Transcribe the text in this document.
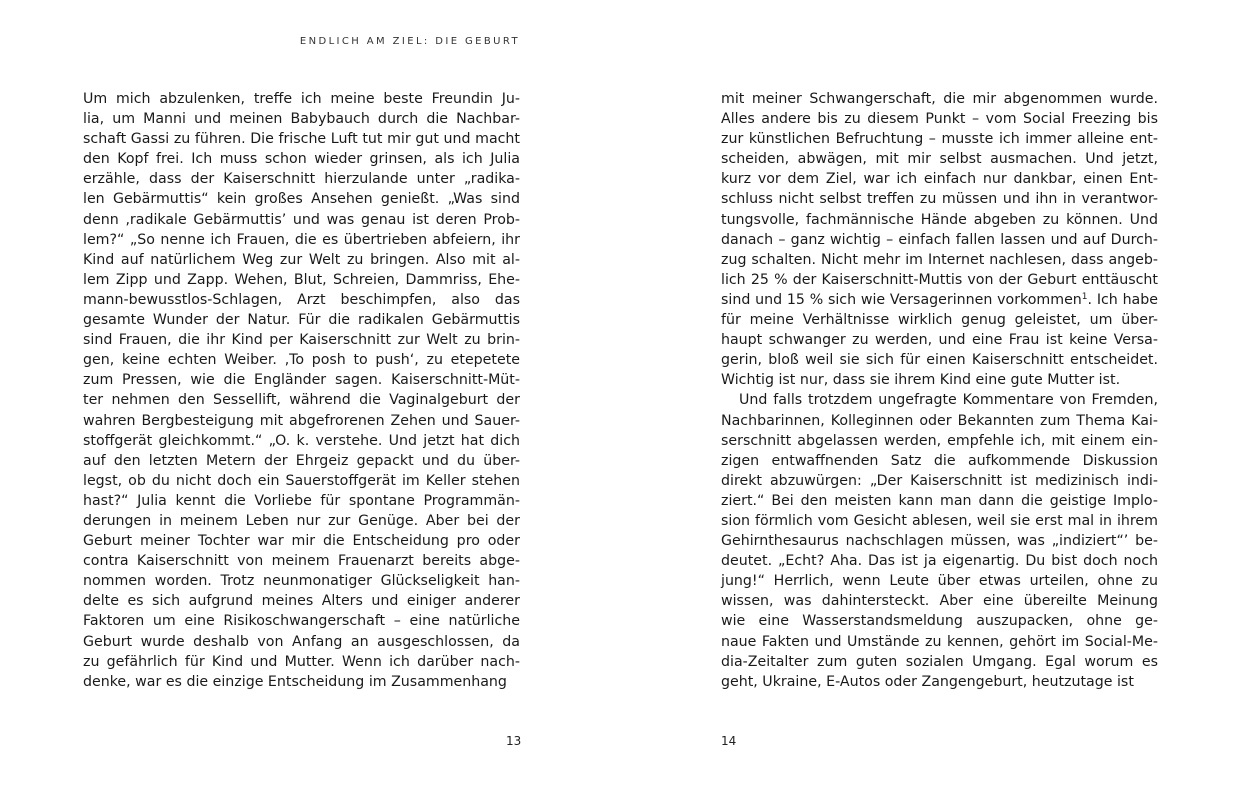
ENDLICH AM ZIEL: DIE GEBURT
Um mich abzulenken, treffe ich meine beste Freundin Ju-
lia, um Manni und meinen Babybauch durch die Nachbar-
schaft Gassi zu führen. Die frische Luft tut mir gut und macht
den Kopf frei. Ich muss schon wieder grinsen, als ich Julia
erzähle, dass der Kaiserschnitt hierzulande unter „radika-
len Gebärmuttis“ kein großes Ansehen genießt. „Was sind
denn ‚radikale Gebärmuttis’ und was genau ist deren Prob-
lem?“ „So nenne ich Frauen, die es übertrieben abfeiern, ihr
Kind auf natürlichem Weg zur Welt zu bringen. Also mit al-
lem Zipp und Zapp. Wehen, Blut, Schreien, Dammriss, Ehe-
mann-bewusstlos-Schlagen, Arzt beschimpfen, also das
gesamte Wunder der Natur. Für die radikalen Gebärmuttis
sind Frauen, die ihr Kind per Kaiserschnitt zur Welt zu brin-
gen, keine echten Weiber. ‚To posh to push‘, zu etepetete
zum Pressen, wie die Engländer sagen. Kaiserschnitt-Müt-
ter nehmen den Sessellift, während die Vaginalgeburt der
wahren Bergbesteigung mit abgefrorenen Zehen und Sauer-
stoffgerät gleichkommt.“ „O. k. verstehe. Und jetzt hat dich
auf den letzten Metern der Ehrgeiz gepackt und du über-
legst, ob du nicht doch ein Sauerstoffgerät im Keller stehen
hast?“ Julia kennt die Vorliebe für spontane Programmän-
derungen in meinem Leben nur zur Genüge. Aber bei der
Geburt meiner Tochter war mir die Entscheidung pro oder
contra Kaiserschnitt von meinem Frauenarzt bereits abge-
nommen worden. Trotz neunmonatiger Glückseligkeit han-
delte es sich aufgrund meines Alters und einiger anderer
Faktoren um eine Risikoschwangerschaft – eine natürliche
Geburt wurde deshalb von Anfang an ausgeschlossen, da
zu gefährlich für Kind und Mutter. Wenn ich darüber nach-
denke, war es die einzige Entscheidung im Zusammenhang
13
mit meiner Schwangerschaft, die mir abgenommen wurde.
Alles andere bis zu diesem Punkt – vom Social Freezing bis
zur künstlichen Befruchtung – musste ich immer alleine ent-
scheiden, abwägen, mit mir selbst ausmachen. Und jetzt,
kurz vor dem Ziel, war ich einfach nur dankbar, einen Ent-
schluss nicht selbst treffen zu müssen und ihn in verantwor-
tungsvolle, fachmännische Hände abgeben zu können. Und
danach – ganz wichtig – einfach fallen lassen und auf Durch-
zug schalten. Nicht mehr im Internet nachlesen, dass angeb-
lich 25 % der Kaiserschnitt-Muttis von der Geburt enttäuscht
sind und 15 % sich wie Versagerinnen vorkommen$^1$. Ich habe
für meine Verhältnisse wirklich genug geleistet, um über-
haupt schwanger zu werden, und eine Frau ist keine Versa-
gerin, bloß weil sie sich für einen Kaiserschnitt entscheidet.
Wichtig ist nur, dass sie ihrem Kind eine gute Mutter ist.
Und falls trotzdem ungefragte Kommentare von Fremden,
Nachbarinnen, Kolleginnen oder Bekannten zum Thema Kai-
serschnitt abgelassen werden, empfehle ich, mit einem ein-
zigen entwaffnenden Satz die aufkommende Diskussion
direkt abzuwürgen: „Der Kaiserschnitt ist medizinisch indi-
ziert.“ Bei den meisten kann man dann die geistige Implo-
sion förmlich vom Gesicht ablesen, weil sie erst mal in ihrem
Gehirnthesaurus nachschlagen müssen, was „indiziert“’ be-
deutet. „Echt? Aha. Das ist ja eigenartig. Du bist doch noch
jung!“ Herrlich, wenn Leute über etwas urteilen, ohne zu
wissen, was dahintersteckt. Aber eine übereilte Meinung
wie eine Wasserstandsmeldung auszupacken, ohne ge-
naue Fakten und Umstände zu kennen, gehört im Social-Me-
dia-Zeitalter zum guten sozialen Umgang. Egal worum es
geht, Ukraine, E-Autos oder Zangengeburt, heutzutage ist
14
